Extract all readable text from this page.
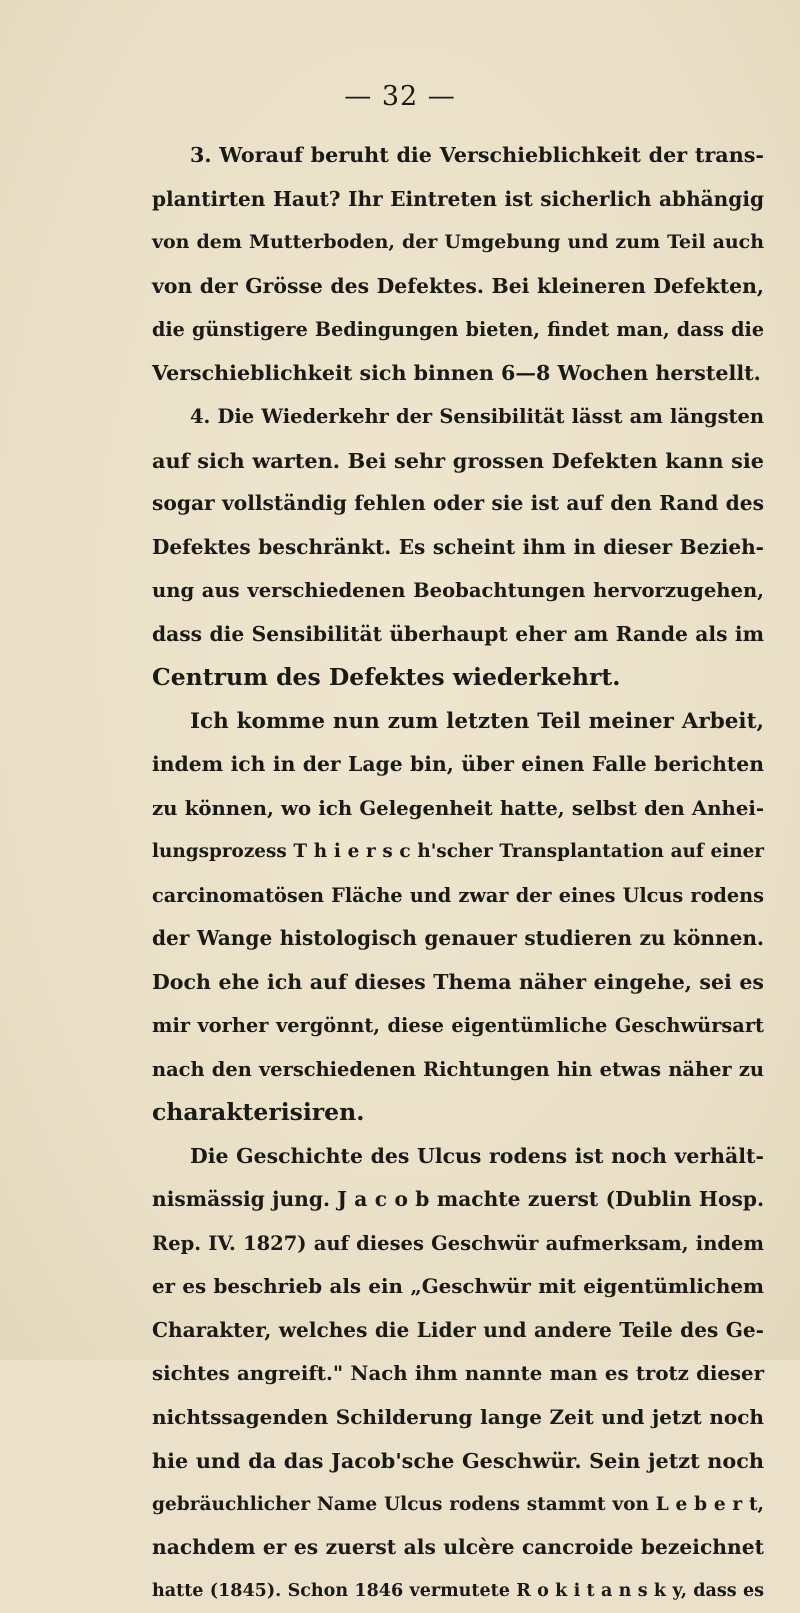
— 32 —
3. Worauf beruht die Verschieblichkeit der trans-
plantirten Haut? Ihr Eintreten ist sicherlich abhängig
von dem Mutterboden, der Umgebung und zum Teil auch
von der Grösse des Defektes. Bei kleineren Defekten,
die günstigere Bedingungen bieten, findet man, dass die
Verschieblichkeit sich binnen 6—8 Wochen herstellt.
4. Die Wiederkehr der Sensibilität lässt am längsten
auf sich warten. Bei sehr grossen Defekten kann sie
sogar vollständig fehlen oder sie ist auf den Rand des
Defektes beschränkt. Es scheint ihm in dieser Bezieh-
ung aus verschiedenen Beobachtungen hervorzugehen,
dass die Sensibilität überhaupt eher am Rande als im
Centrum des Defektes wiederkehrt.
Ich komme nun zum letzten Teil meiner Arbeit,
indem ich in der Lage bin, über einen Falle berichten
zu können, wo ich Gelegenheit hatte, selbst den Anhei-
lungsprozess T h i e r s c h'scher Transplantation auf einer
carcinomatösen Fläche und zwar der eines Ulcus rodens
der Wange histologisch genauer studieren zu können.
Doch ehe ich auf dieses Thema näher eingehe, sei es
mir vorher vergönnt, diese eigentümliche Geschwürsart
nach den verschiedenen Richtungen hin etwas näher zu
charakterisiren.
Die Geschichte des Ulcus rodens ist noch verhält-
nismässig jung. J a c o b machte zuerst (Dublin Hosp.
Rep. IV. 1827) auf dieses Geschwür aufmerksam, indem
er es beschrieb als ein „Geschwür mit eigentümlichem
Charakter, welches die Lider und andere Teile des Ge-
sichtes angreift." Nach ihm nannte man es trotz dieser
nichtssagenden Schilderung lange Zeit und jetzt noch
hie und da das Jacob'sche Geschwür. Sein jetzt noch
gebräuchlicher Name Ulcus rodens stammt von L e b e r t,
nachdem er es zuerst als ulcère cancroide bezeichnet
hatte (1845). Schon 1846 vermutete R o k i t a n s k y, dass es
